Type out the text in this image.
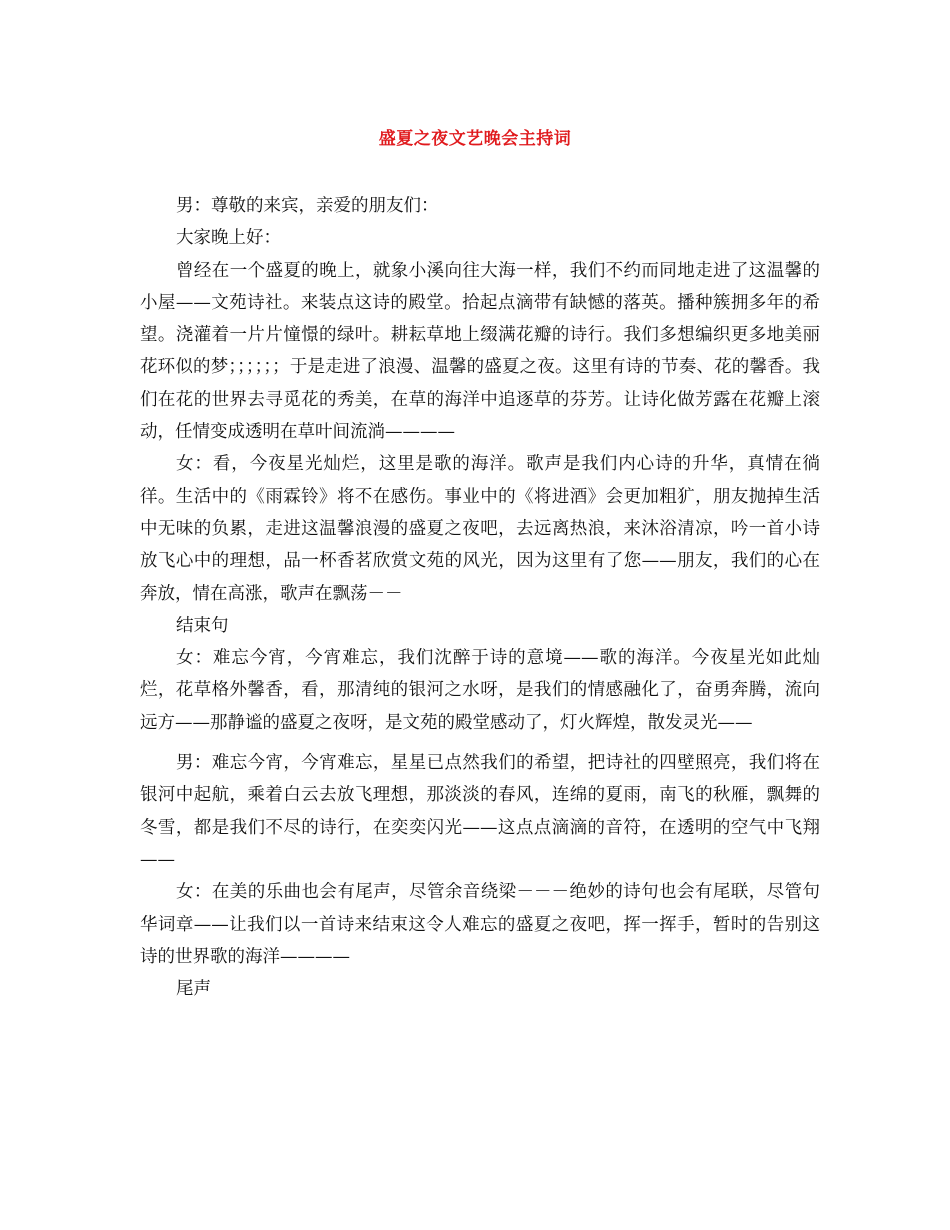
盛夏之夜文艺晚会主持词

男：尊敬的来宾，亲爱的朋友们：

大家晚上好：

曾经在一个盛夏的晚上，就象小溪向往大海一样，我们不约而同地走进了这温馨的小屋——文苑诗社。来装点这诗的殿堂。拾起点滴带有缺憾的落英。播种簇拥多年的希望。浇灌着一片片憧憬的绿叶。耕耘草地上缀满花瓣的诗行。我们多想编织更多地美丽花环似的梦；；；；；；于是走进了浪漫、温馨的盛夏之夜。这里有诗的节奏、花的馨香。我们在花的世界去寻觅花的秀美，在草的海洋中追逐草的芬芳。让诗化做芳露在花瓣上滚动，任情变成透明在草叶间流淌————

女：看，今夜星光灿烂，这里是歌的海洋。歌声是我们内心诗的升华，真情在徜徉。生活中的《雨霖铃》将不在感伤。事业中的《将进酒》会更加粗犷，朋友抛掉生活中无味的负累，走进这温馨浪漫的盛夏之夜吧，去远离热浪，来沐浴清凉，吟一首小诗放飞心中的理想，品一杯香茗欣赏文苑的风光，因为这里有了您——朋友，我们的心在奔放，情在高涨，歌声在飘荡－－

结束句

女：难忘今宵，今宵难忘，我们沈醉于诗的意境——歌的海洋。今夜星光如此灿烂，花草格外馨香，看，那清纯的银河之水呀，是我们的情感融化了，奋勇奔腾，流向远方——那静谧的盛夏之夜呀，是文苑的殿堂感动了，灯火辉煌，散发灵光——

男：难忘今宵，今宵难忘，星星已点然我们的希望，把诗社的四壁照亮，我们将在银河中起航，乘着白云去放飞理想，那淡淡的春风，连绵的夏雨，南飞的秋雁，飘舞的冬雪，都是我们不尽的诗行，在奕奕闪光——这点点滴滴的音符，在透明的空气中飞翔——

女：在美的乐曲也会有尾声，尽管余音绕梁－－－绝妙的诗句也会有尾联，尽管句华词章——让我们以一首诗来结束这令人难忘的盛夏之夜吧，挥一挥手，暂时的告别这诗的世界歌的海洋————

尾声
